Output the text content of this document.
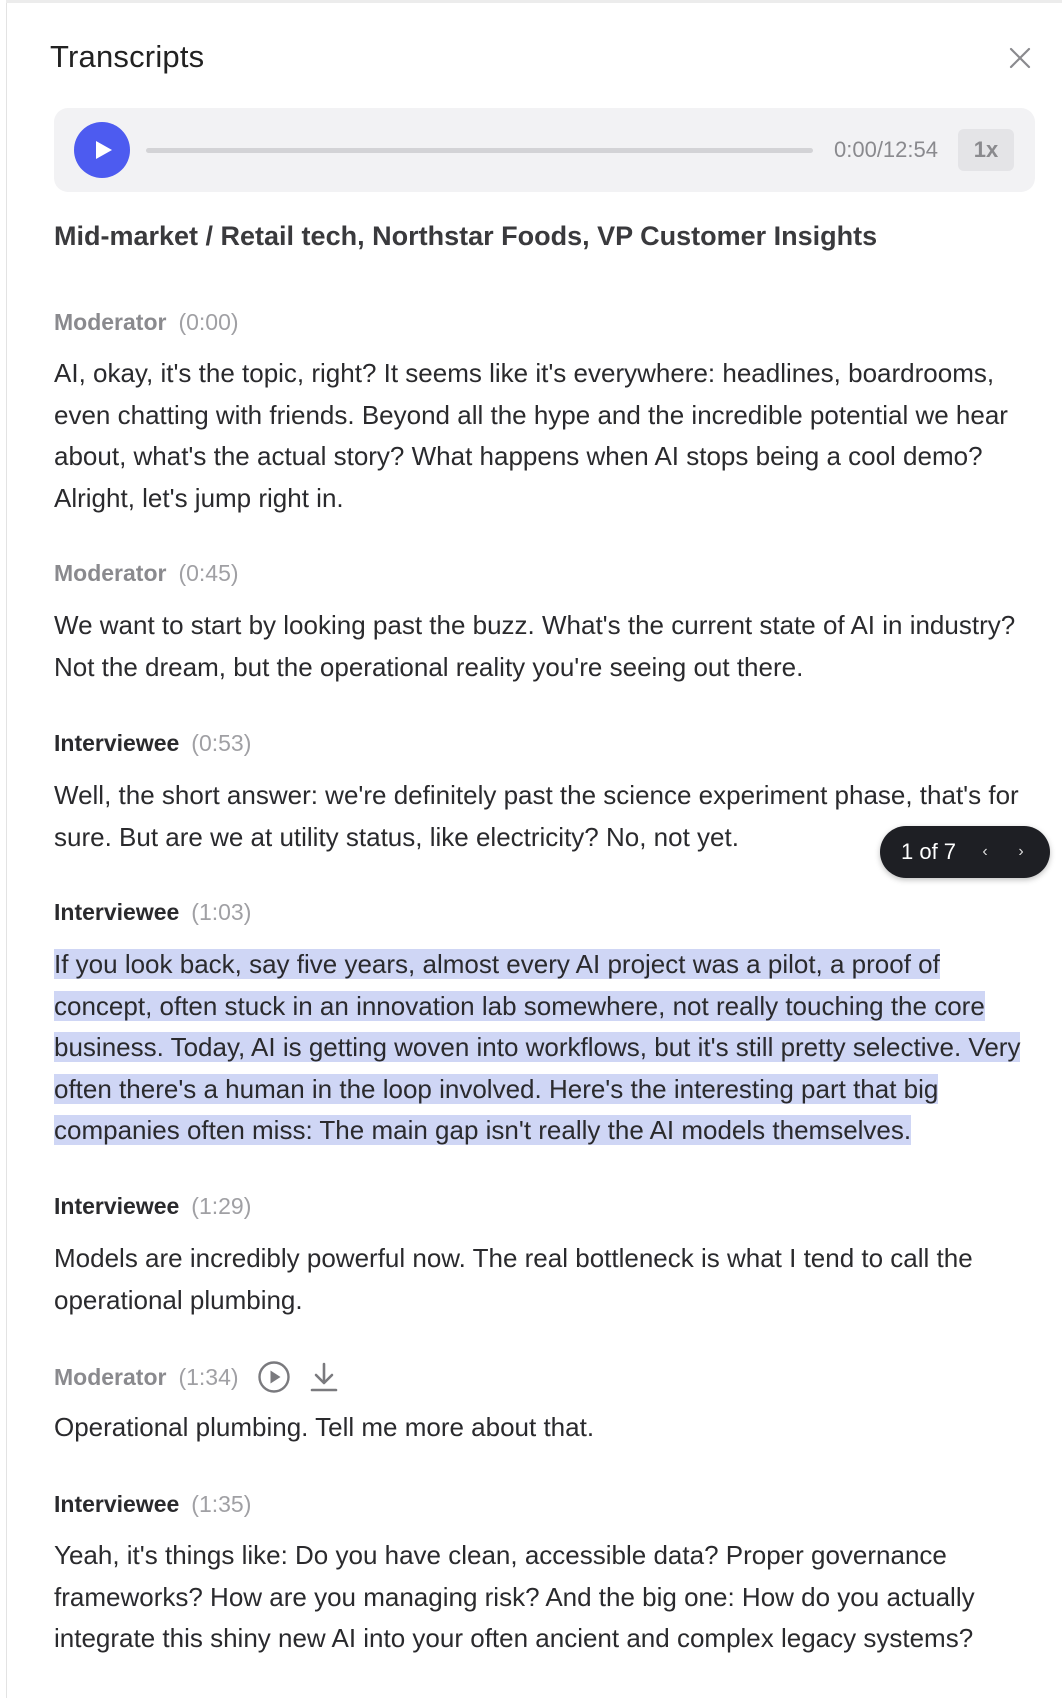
Transcripts
0:00/12:54	1x
Mid-market / Retail tech, Northstar Foods, VP Customer Insights
Moderator (0:00)
AI, okay, it's the topic, right? It seems like it's everywhere: headlines, boardrooms, even chatting with friends. Beyond all the hype and the incredible potential we hear about, what's the actual story? What happens when AI stops being a cool demo? Alright, let's jump right in.
Moderator (0:45)
We want to start by looking past the buzz. What's the current state of AI in industry? Not the dream, but the operational reality you're seeing out there.
Interviewee (0:53)
Well, the short answer: we're definitely past the science experiment phase, that's for sure. But are we at utility status, like electricity? No, not yet.
Interviewee (1:03)
If you look back, say five years, almost every AI project was a pilot, a proof of concept, often stuck in an innovation lab somewhere, not really touching the core business. Today, AI is getting woven into workflows, but it's still pretty selective. Very often there's a human in the loop involved. Here's the interesting part that big companies often miss: The main gap isn't really the AI models themselves.
Interviewee (1:29)
Models are incredibly powerful now. The real bottleneck is what I tend to call the operational plumbing.
Moderator (1:34)
Operational plumbing. Tell me more about that.
Interviewee (1:35)
Yeah, it's things like: Do you have clean, accessible data? Proper governance frameworks? How are you managing risk? And the big one: How do you actually integrate this shiny new AI into your often ancient and complex legacy systems?
1 of 7	‹	›
